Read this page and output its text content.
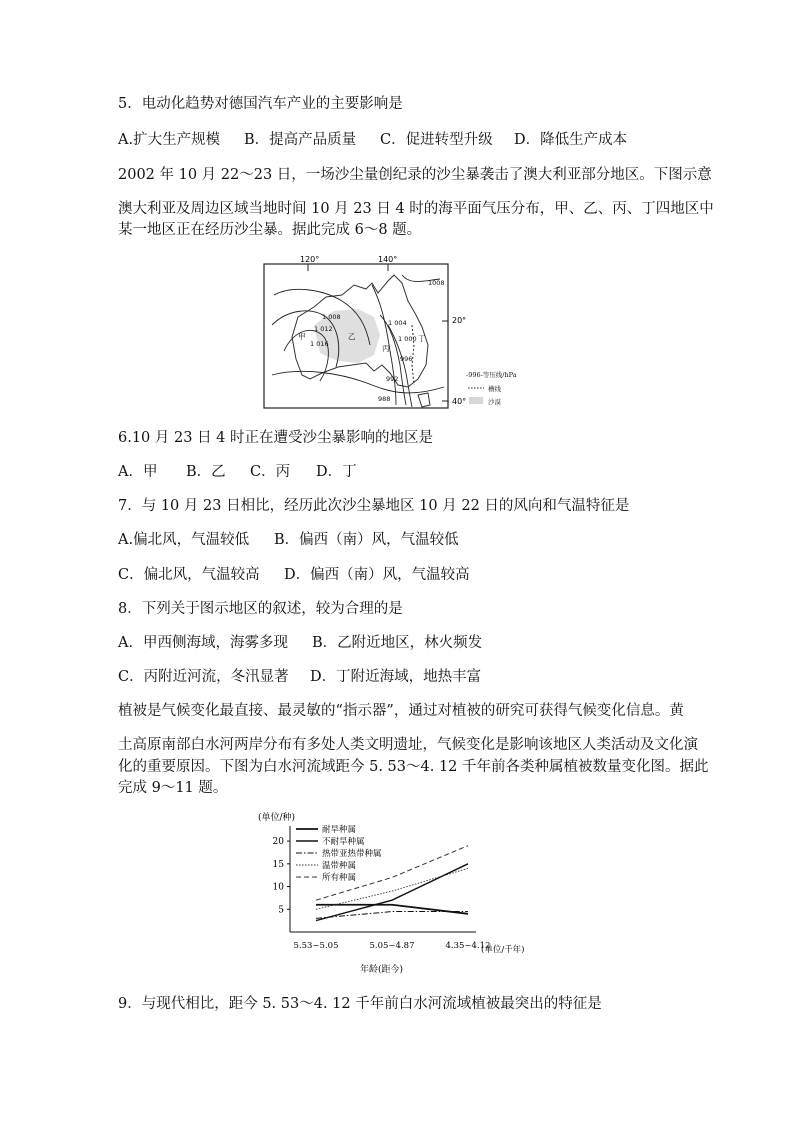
5．电动化趋势对德国汽车产业的主要影响是
A.扩大生产规模 B．提高产品质量 C．促进转型升级 D．降低生产成本
2002 年 10 月 22～23 日，一场沙尘量创纪录的沙尘暴袭击了澳大利亚部分地区。下图示意
澳大利亚及周边区域当地时间 10 月 23 日 4 时的海平面气压分布，甲、乙、丙、丁四地区中
某一地区正在经历沙尘暴。据此完成 6～8 题。
120°	140°
20°
40°
1 008
1 012
1 016
1 004
1 000
996
992
988
1008
甲	乙
丙
丁
-996-等压线/hPa
槽线
沙漠
6.10 月 23 日 4 时正在遭受沙尘暴影响的地区是
A．甲 B．乙 C．丙 D．丁
7．与 10 月 23 日相比，经历此次沙尘暴地区 10 月 22 日的风向和气温特征是
A.偏北风，气温较低 B．偏西（南）风，气温较低
C．偏北风，气温较高 D．偏西（南）风，气温较高
8．下列关于图示地区的叙述，较为合理的是
A．甲西侧海域，海雾多现 B．乙附近地区，林火频发
C．丙附近河流，冬汛显著 D．丁附近海域，地热丰富
植被是气候变化最直接、最灵敏的“指示器”，通过对植被的研究可获得气候变化信息。黄
土高原南部白水河两岸分布有多处人类文明遗址，气候变化是影响该地区人类活动及文化演
化的重要原因。下图为白水河流域距今 5. 53～4. 12 千年前各类种属植被数量变化图。据此
完成 9～11 题。
(单位/种)
5
10
15
20
5.53~5.05	5.05~4.87	4.35~4.12
耐旱种属
不耐旱种属
热带亚热带种属
温带种属
所有种属
(单位/千年)
年龄(距今)
9．与现代相比，距今 5. 53～4. 12 千年前白水河流域植被最突出的特征是
